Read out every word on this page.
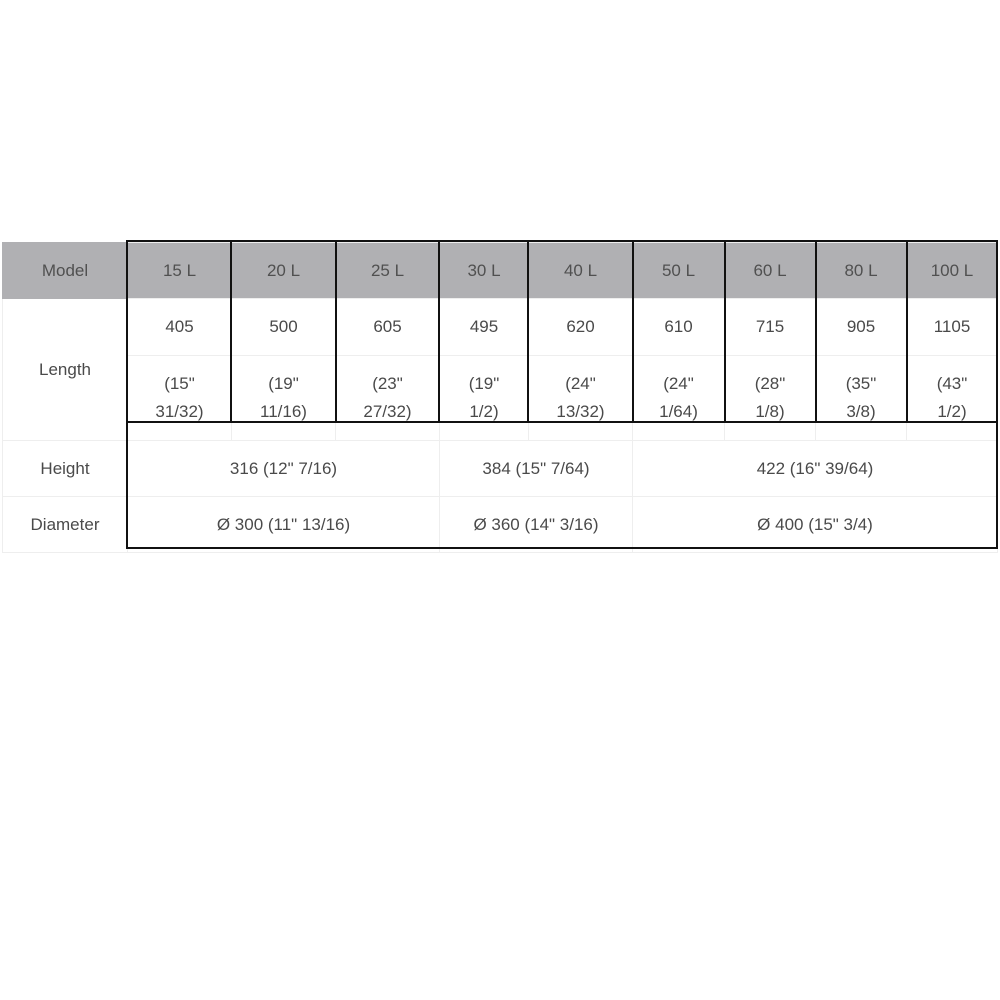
Model	15 L	20 L	25 L	30 L	40 L	50 L	60 L	80 L	100 L
Length	405	500	605	495	620	610	715	905	1105
	(15"
31/32)	(19"
11/16)	(23"
27/32)	(19"
1/2)	(24"
13/32)	(24"
1/64)	(28"
1/8)	(35"
3/8)	(43"
1/2)
Height	316 (12" 7/16)			384 (15" 7/64)		422 (16" 39/64)			
Diameter	Ø 300 (11" 13/16)			Ø 360 (14" 3/16)		Ø 400 (15" 3/4)			
